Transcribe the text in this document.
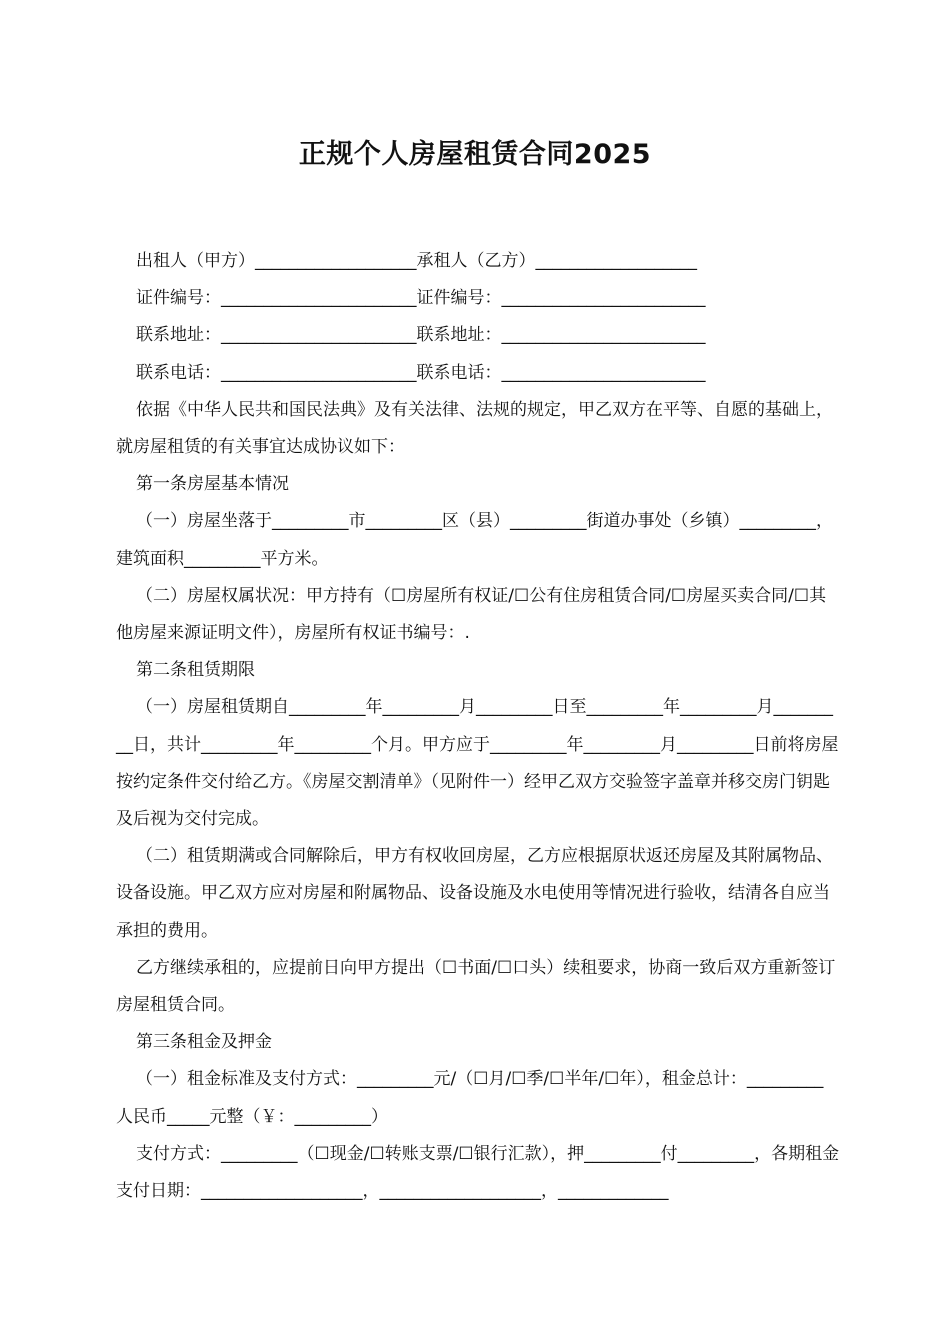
正规个人房屋租赁合同2025

出租人（甲方）___________________承租人（乙方）___________________

证件编号：_______________________证件编号：________________________

联系地址：_______________________联系地址：________________________

联系电话：_______________________联系电话：________________________

依据《中华人民共和国民法典》及有关法律、法规的规定，甲乙双方在平等、自愿的基础上，就房屋租赁的有关事宜达成协议如下：

第一条房屋基本情况

（一）房屋坐落于_________市_________区（县）_________街道办事处（乡镇）_________，建筑面积_________平方米。

（二）房屋权属状况：甲方持有（☐房屋所有权证/☐公有住房租赁合同/☐房屋买卖合同/☐其他房屋来源证明文件），房屋所有权证书编号：.

第二条租赁期限

（一）房屋租赁期自_________年_________月_________日至_________年_________月_________日，共计_________年_________个月。甲方应于_________年_________月_________日前将房屋按约定条件交付给乙方。《房屋交割清单》（见附件一）经甲乙双方交验签字盖章并移交房门钥匙及后视为交付完成。

（二）租赁期满或合同解除后，甲方有权收回房屋，乙方应根据原状返还房屋及其附属物品、设备设施。甲乙双方应对房屋和附属物品、设备设施及水电使用等情况进行验收，结清各自应当承担的费用。

乙方继续承租的，应提前日向甲方提出（☐书面/☐口头）续租要求，协商一致后双方重新签订房屋租赁合同。

第三条租金及押金

（一）租金标准及支付方式：_________元/（☐月/☐季/☐半年/☐年），租金总计：_________人民币_____元整（￥：_________）

支付方式：_________（☐现金/☐转账支票/☐银行汇款），押_________付_________，各期租金支付日期：___________________，___________________，_____________
